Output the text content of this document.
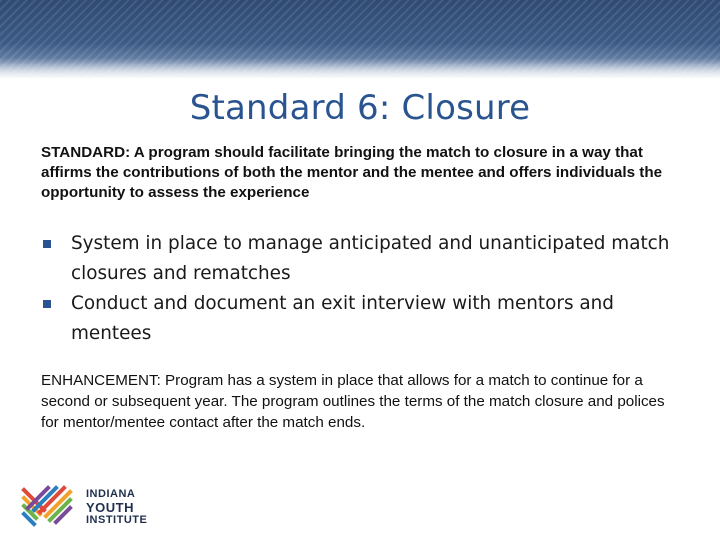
Standard 6: Closure
STANDARD: A program should facilitate bringing the match to closure in a way that affirms the contributions of both the mentor and the mentee and offers individuals the opportunity to assess the experience
System in place to manage anticipated and unanticipated match closures and rematches
Conduct and document an exit interview with mentors and mentees
ENHANCEMENT: Program has a system in place that allows for a match to continue for a second or subsequent year. The program outlines the terms of the match closure and polices for mentor/mentee contact after the match ends.
INDIANA
YOUTH
INSTITUTE
